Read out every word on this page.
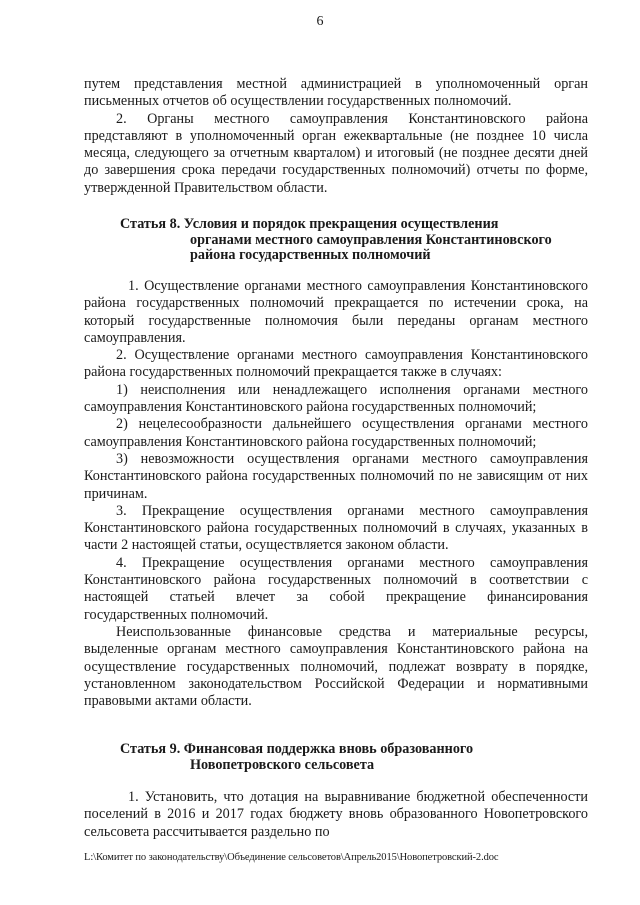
6

путем представления местной администрацией в уполномоченный орган письменных отчетов об осуществлении государственных полномочий.

2. Органы местного самоуправления Константиновского района представляют в уполномоченный орган ежеквартальные (не позднее 10 числа месяца, следующего за отчетным кварталом) и итоговый (не позднее десяти дней до завершения срока передачи государственных полномочий) отчеты по форме, утвержденной Правительством области.

Статья 8. Условия и порядок прекращения осуществления
органами местного самоуправления Константиновского
района государственных полномочий

1. Осуществление органами местного самоуправления Константиновского района государственных полномочий прекращается по истечении срока, на который государственные полномочия были переданы органам местного самоуправления.

2. Осуществление органами местного самоуправления Константиновского района государственных полномочий прекращается также в случаях:

1) неисполнения или ненадлежащего исполнения органами местного самоуправления Константиновского района государственных полномочий;

2) нецелесообразности дальнейшего осуществления органами местного самоуправления Константиновского района государственных полномочий;

3) невозможности осуществления органами местного самоуправления Константиновского района государственных полномочий по не зависящим от них причинам.

3. Прекращение осуществления органами местного самоуправления Константиновского района государственных полномочий в случаях, указанных в части 2 настоящей статьи, осуществляется законом области.

4. Прекращение осуществления органами местного самоуправления Константиновского района государственных полномочий в соответствии с настоящей статьей влечет за собой прекращение финансирования государственных полномочий.

Неиспользованные финансовые средства и материальные ресурсы, выделенные органам местного самоуправления Константиновского района на осуществление государственных полномочий, подлежат возврату в порядке, установленном законодательством Российской Федерации и нормативными правовыми актами области.

Статья 9. Финансовая поддержка вновь образованного
Новопетровского сельсовета

1. Установить, что дотация на выравнивание бюджетной обеспеченности поселений в 2016 и 2017 годах бюджету вновь образованного Новопетровского сельсовета рассчитывается раздельно по

L:\Комитет по законодательству\Объединение сельсоветов\Апрель2015\Новопетровский-2.doc
